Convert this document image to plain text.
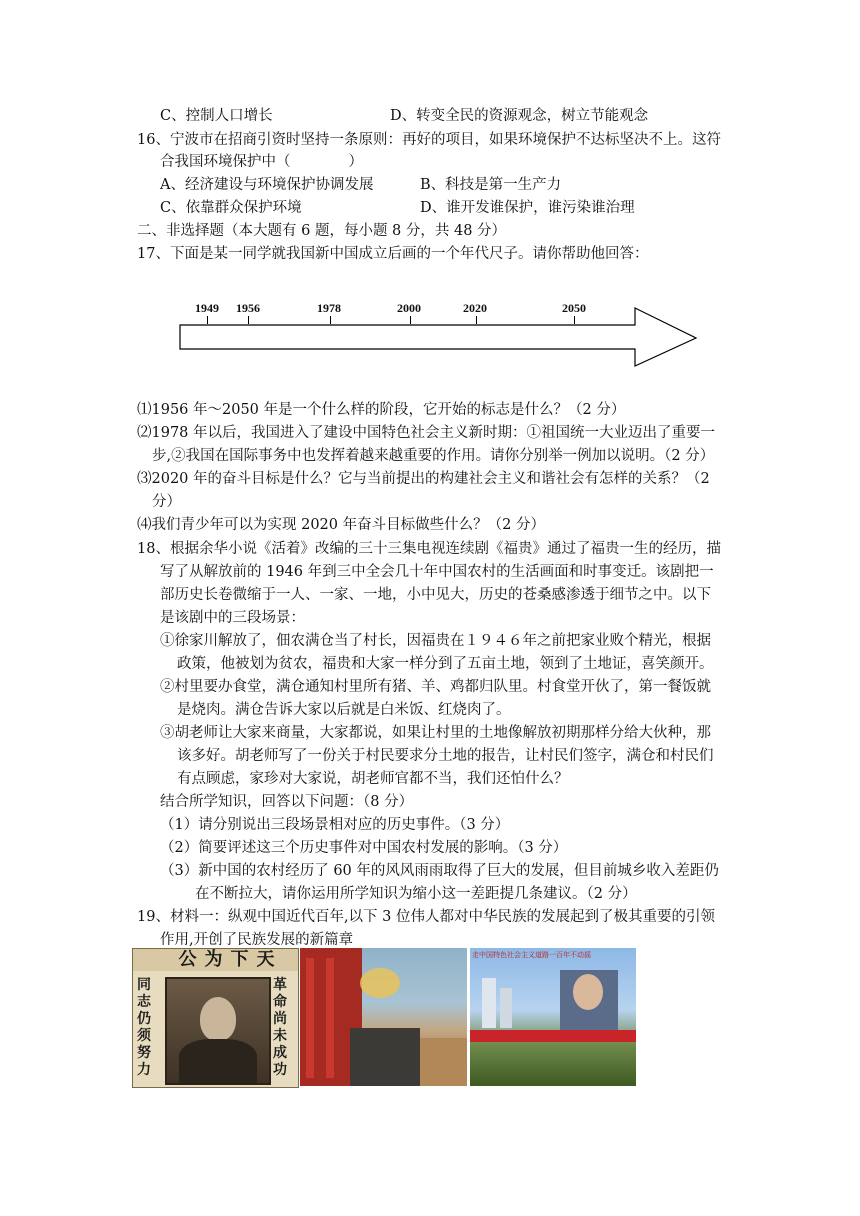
C、控制人口增长	D、转变全民的资源观念，树立节能观念
16、宁波市在招商引资时坚持一条原则：再好的项目，如果环境保护不达标坚决不上。这符
合我国环境保护中（　　　　）
A、经济建设与环境保护协调发展	B、科技是第一生产力
C、依靠群众保护环境	D、谁开发谁保护，谁污染谁治理
二、非选择题（本大题有 6 题，每小题 8 分，共 48 分）
17、下面是某一同学就我国新中国成立后画的一个年代尺子。请你帮助他回答：
1949 1956	1978	2000	2020	2050
⑴1956 年～2050 年是一个什么样的阶段，它开始的标志是什么？（2 分）
⑵1978 年以后，我国进入了建设中国特色社会主义新时期：①祖国统一大业迈出了重要一
步,②我国在国际事务中也发挥着越来越重要的作用。请你分别举一例加以说明。（2 分）
⑶2020 年的奋斗目标是什么？它与当前提出的构建社会主义和谐社会有怎样的关系？（2
分）
⑷我们青少年可以为实现 2020 年奋斗目标做些什么？（2 分）
18、根据余华小说《活着》改编的三十三集电视连续剧《福贵》通过了福贵一生的经历，描
写了从解放前的 1946 年到三中全会几十年中国农村的生活画面和时事变迁。该剧把一
部历史长卷微缩于一人、一家、一地，小中见大，历史的苍桑感渗透于细节之中。以下
是该剧中的三段场景：
①徐家川解放了，佃农满仓当了村长，因福贵在１９４６年之前把家业败个精光，根据
政策，他被划为贫农，福贵和大家一样分到了五亩土地，领到了土地证，喜笑颜开。
②村里要办食堂，满仓通知村里所有猪、羊、鸡都归队里。村食堂开伙了，第一餐饭就
是烧肉。满仓告诉大家以后就是白米饭、红烧肉了。
③胡老师让大家来商量，大家都说，如果让村里的土地像解放初期那样分给大伙种，那
该多好。胡老师写了一份关于村民要求分土地的报告，让村民们签字，满仓和村民们
有点顾虑，家珍对大家说，胡老师官都不当，我们还怕什么？
结合所学知识，回答以下问题：（8 分）
（1）请分别说出三段场景相对应的历史事件。（3 分）
（2）简要评述这三个历史事件对中国农村发展的影响。（3 分）
（3）新中国的农村经历了 60 年的风风雨雨取得了巨大的发展，但目前城乡收入差距仍
在不断拉大，请你运用所学知识为缩小这一差距提几条建议。（2 分）
19、材料一：纵观中国近代百年,以下 3 位伟人都对中华民族的发展起到了极其重要的引领
作用,开创了民族发展的新篇章
公为下天
同志仍须努力
革命尚未成功
走中国特色社会主义道路一百年不动摇
